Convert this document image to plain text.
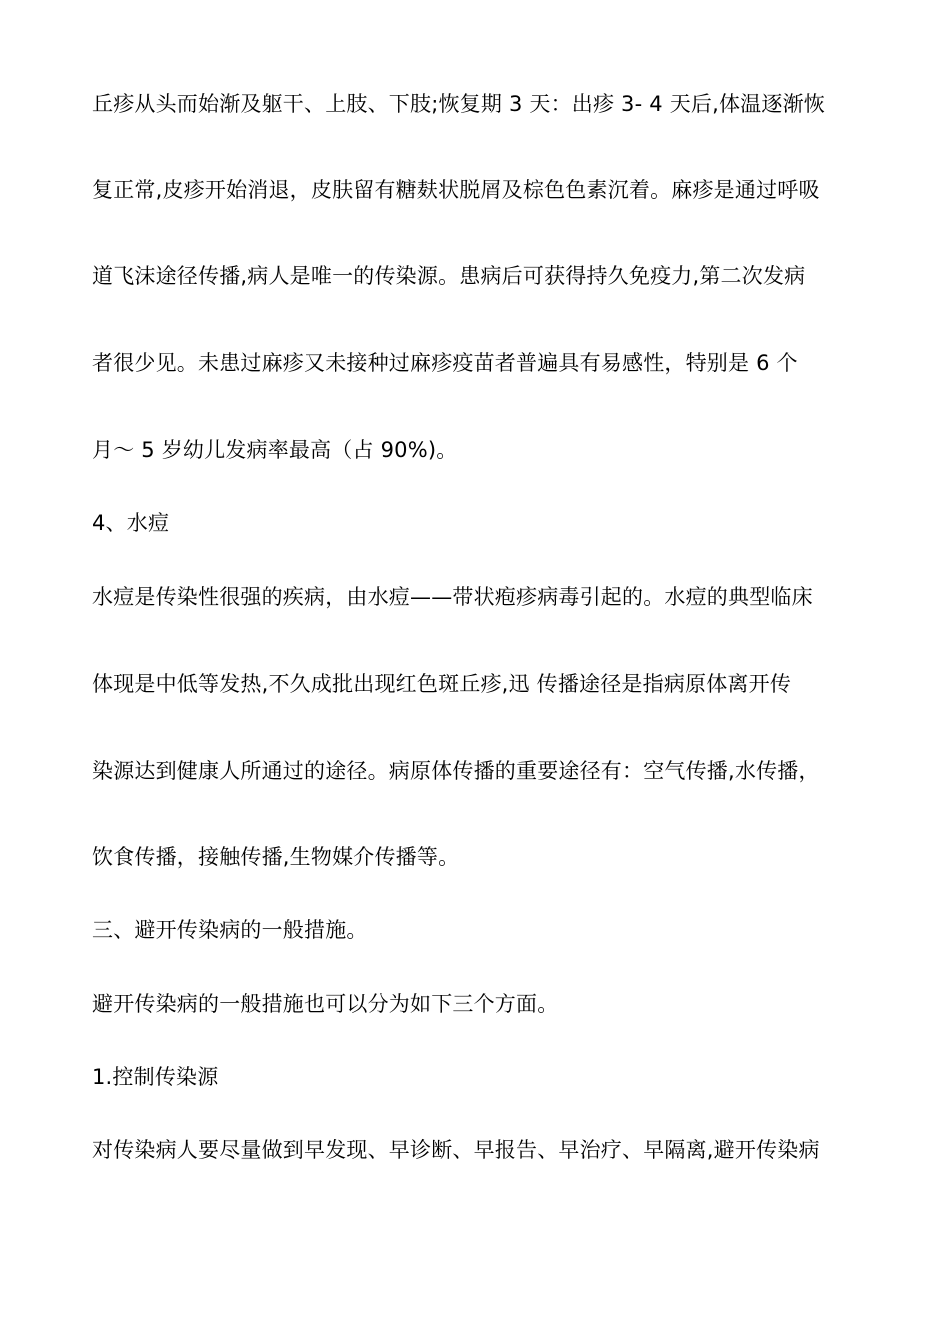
丘疹从头而始渐及躯干、上肢、下肢;恢复期 3 天：出疹 3- 4 天后,体温逐渐恢
复正常,皮疹开始消退，皮肤留有糖麸状脱屑及棕色色素沉着。麻疹是通过呼吸
道飞沫途径传播,病人是唯一的传染源。患病后可获得持久免疫力,第二次发病
者很少见。未患过麻疹又未接种过麻疹疫苗者普遍具有易感性，特别是 6 个
月～ 5 岁幼儿发病率最高（占 90%)。
4、水痘
水痘是传染性很强的疾病，由水痘——带状疱疹病毒引起的。水痘的典型临床
体现是中低等发热,不久成批出现红色斑丘疹,迅 传播途径是指病原体离开传
染源达到健康人所通过的途径。病原体传播的重要途径有：空气传播,水传播，
饮食传播，接触传播,生物媒介传播等。
三、避开传染病的一般措施。
避开传染病的一般措施也可以分为如下三个方面。
1.控制传染源
对传染病人要尽量做到早发现、早诊断、早报告、早治疗、早隔离,避开传染病
